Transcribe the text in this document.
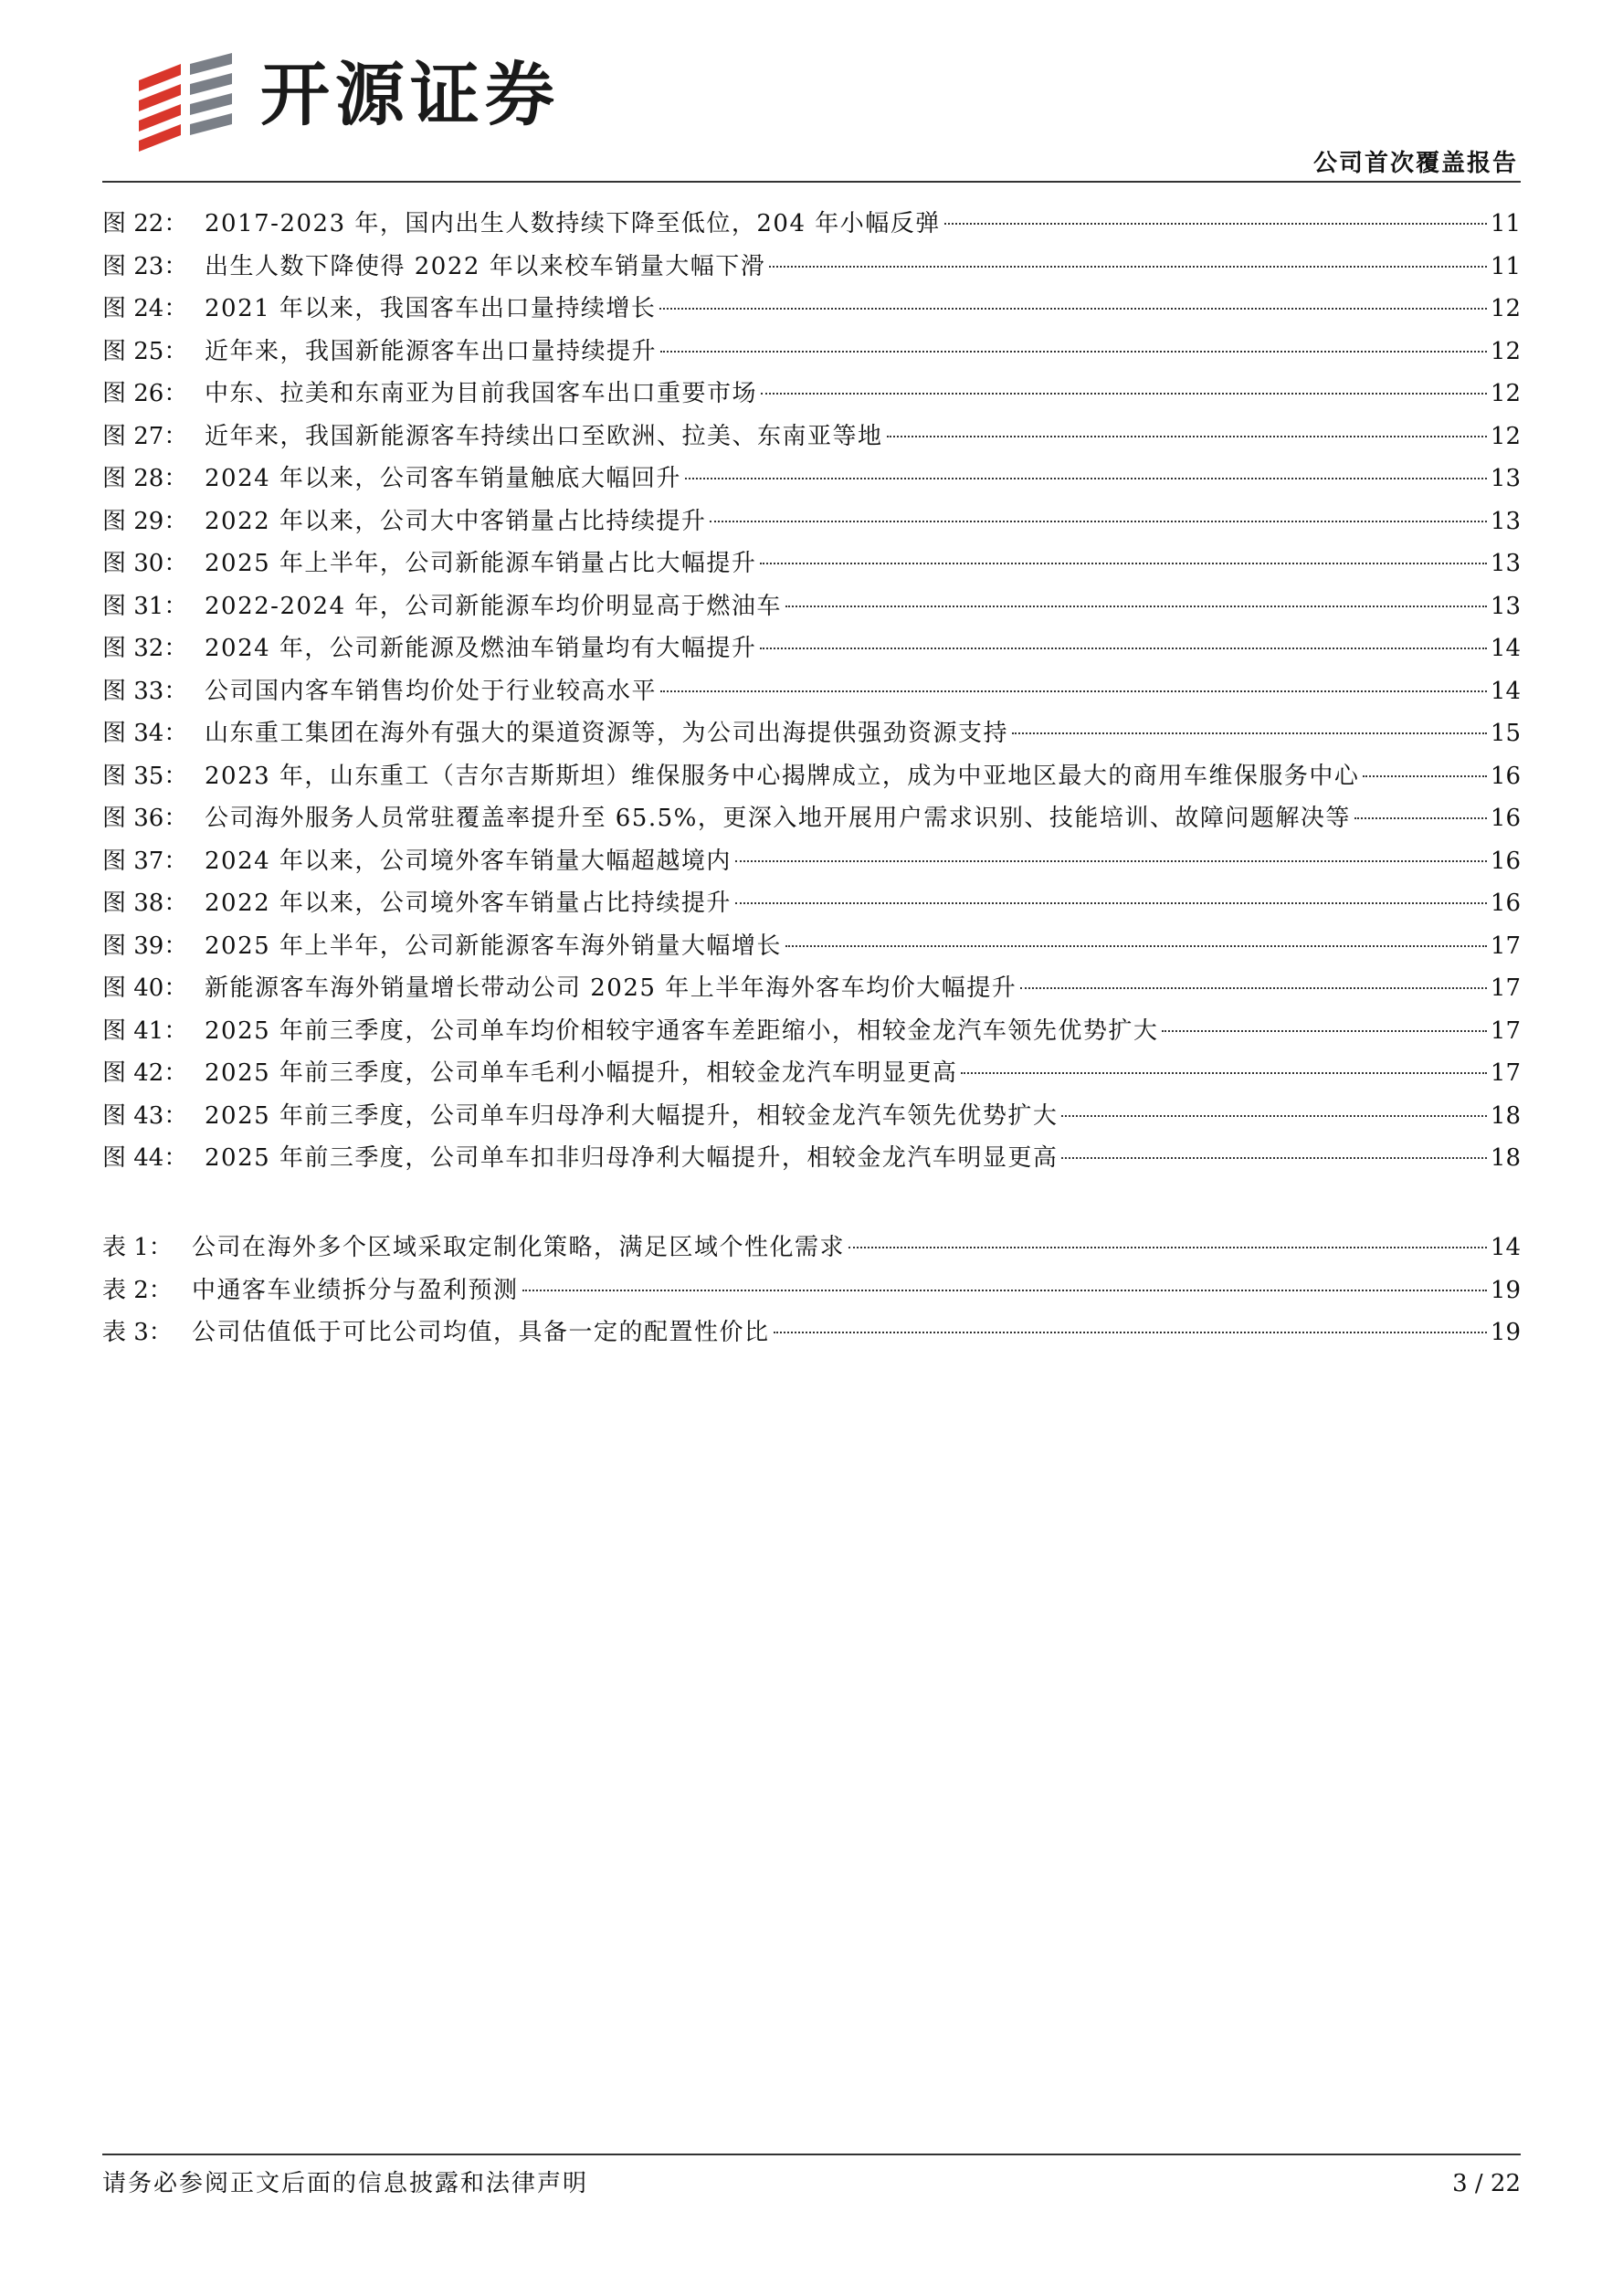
开源证券
公司首次覆盖报告
图 22： 2017-2023 年，国内出生人数持续下降至低位，204 年小幅反弹	11
图 23： 出生人数下降使得 2022 年以来校车销量大幅下滑	11
图 24： 2021 年以来，我国客车出口量持续增长	12
图 25： 近年来，我国新能源客车出口量持续提升	12
图 26： 中东、拉美和东南亚为目前我国客车出口重要市场	12
图 27： 近年来，我国新能源客车持续出口至欧洲、拉美、东南亚等地	12
图 28： 2024 年以来，公司客车销量触底大幅回升	13
图 29： 2022 年以来，公司大中客销量占比持续提升	13
图 30： 2025 年上半年，公司新能源车销量占比大幅提升	13
图 31： 2022-2024 年，公司新能源车均价明显高于燃油车	13
图 32： 2024 年，公司新能源及燃油车销量均有大幅提升	14
图 33： 公司国内客车销售均价处于行业较高水平	14
图 34： 山东重工集团在海外有强大的渠道资源等，为公司出海提供强劲资源支持	15
图 35： 2023 年，山东重工（吉尔吉斯斯坦）维保服务中心揭牌成立，成为中亚地区最大的商用车维保服务中心	16
图 36： 公司海外服务人员常驻覆盖率提升至 65.5%，更深入地开展用户需求识别、技能培训、故障问题解决等	16
图 37： 2024 年以来，公司境外客车销量大幅超越境内	16
图 38： 2022 年以来，公司境外客车销量占比持续提升	16
图 39： 2025 年上半年，公司新能源客车海外销量大幅增长	17
图 40： 新能源客车海外销量增长带动公司 2025 年上半年海外客车均价大幅提升	17
图 41： 2025 年前三季度，公司单车均价相较宇通客车差距缩小，相较金龙汽车领先优势扩大	17
图 42： 2025 年前三季度，公司单车毛利小幅提升，相较金龙汽车明显更高	17
图 43： 2025 年前三季度，公司单车归母净利大幅提升，相较金龙汽车领先优势扩大	18
图 44： 2025 年前三季度，公司单车扣非归母净利大幅提升，相较金龙汽车明显更高	18
表 1： 公司在海外多个区域采取定制化策略，满足区域个性化需求	14
表 2： 中通客车业绩拆分与盈利预测	19
表 3： 公司估值低于可比公司均值，具备一定的配置性价比	19
请务必参阅正文后面的信息披露和法律声明	3 / 22
